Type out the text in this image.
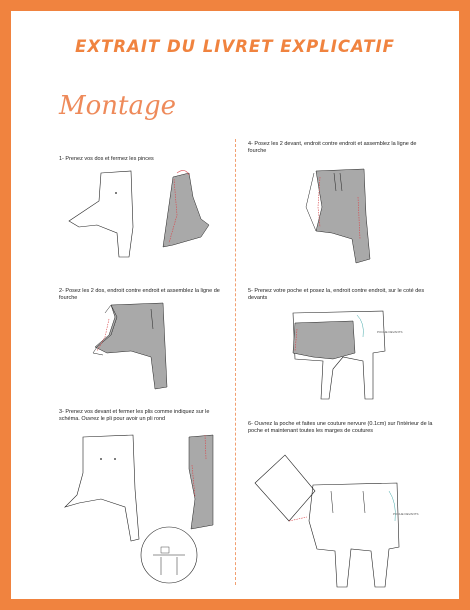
EXTRAIT DU LIVRET EXPLICATIF
Montage
1- Prenez vos dos et fermez les pinces
2- Posez les 2 dos, endroit contre endroit et assemblez la ligne de fourche
3- Prenez vos devant et fermer les plis comme indiquez sur le schéma. Ouvrez le pli pour avoir un pli rond
4- Posez les 2 devant, endroit contre endroit et assemblez la ligne de fourche
5- Prenez votre poche et posez la, endroit contre endroit, sur le coté des devants
POCHE DEVANTS
6- Ouvrez la poche et faites une couture nervure (0.1cm) sur l'intérieur de la poche et maintenant toutes les marges de coutures
POCHE DEVANTS
